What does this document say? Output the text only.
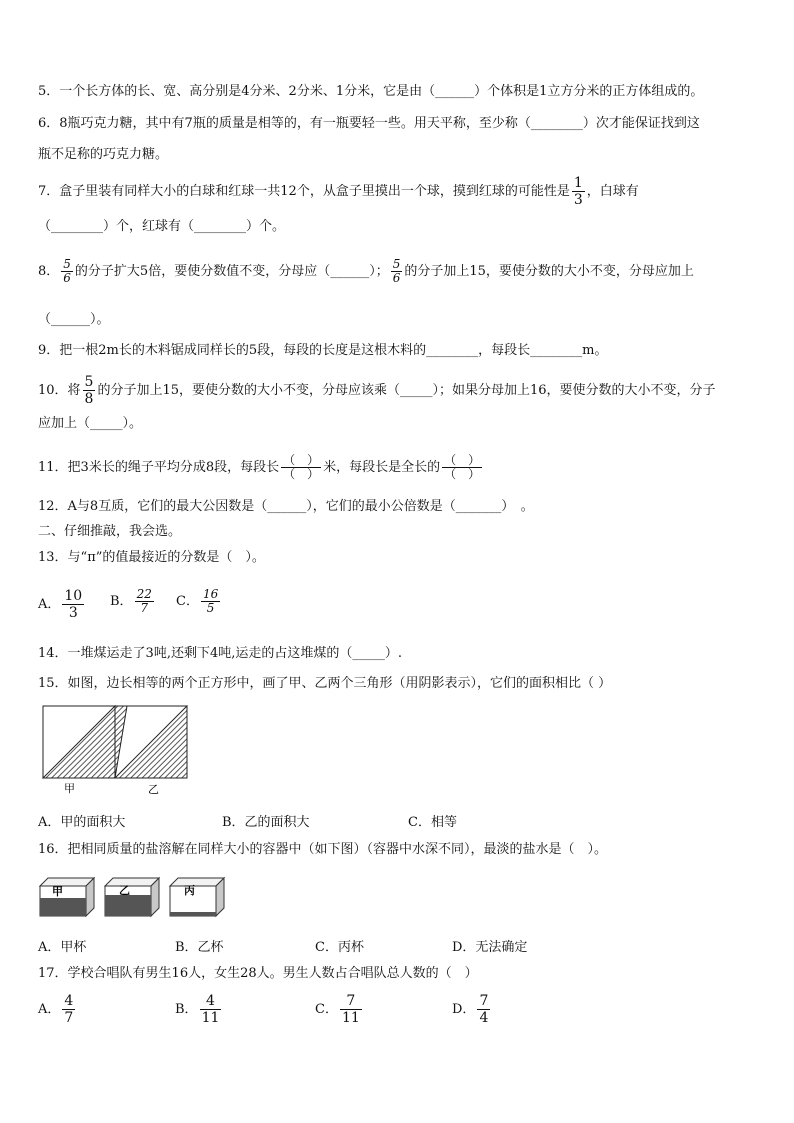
5．一个长方体的长、宽、高分别是4分米、2分米、1分米，它是由（______）个体积是1立方分米的正方体组成的。
6．8瓶巧克力糖，其中有7瓶的质量是相等的，有一瓶要轻一些。用天平称，至少称（________）次才能保证找到这
瓶不足称的巧克力糖。
7．盒子里装有同样大小的白球和红球一共12个，从盒子里摸出一个球，摸到红球的可能性是 $\frac{1}{3}$ ，白球有
（________）个，红球有（________）个。
8． $\frac{5}{6}$ 的分子扩大5倍，要使分数值不变，分母应（______）； $\frac{5}{6}$ 的分子加上15，要使分数的大小不变，分母应加上
（______）。
9．把一根2m长的木料锯成同样长的5段，每段的长度是这根木料的________，每段长________m。
10．将 $\frac{5}{8}$ 的分子加上15，要使分数的大小不变，分母应该乘（_____）；如果分母加上16，要使分数的大小不变，分子
应加上（_____）。
11．把3米长的绳子平均分成8段，每段长 $\frac{( )}{( )}$ 米，每段长是全长的 $\frac{( )}{( )}$
12．A与8互质，它们的最大公因数是（______），它们的最小公倍数是（_______）　。
二、仔细推敲，我会选。
13．与“π”的值最接近的分数是（　）。
A． $\frac{10}{3}$ B． $\frac{22}{7}$ C． $\frac{16}{5}$
14．一堆煤运走了3吨,还剩下4吨,运走的占这堆煤的（_____）.
15．如图，边长相等的两个正方形中，画了甲、乙两个三角形（用阴影表示），它们的面积相比（ ）
甲	乙
A．甲的面积大	B．乙的面积大	C．相等
16．把相同质量的盐溶解在同样大小的容器中（如下图）（容器中水深不同），最淡的盐水是（　）。
甲	乙	丙
A．甲杯	B．乙杯	C．丙杯	D．无法确定
17．学校合唱队有男生16人，女生28人。男生人数占合唱队总人数的（　）
A． $\frac{4}{7}$	B． $\frac{4}{11}$	C． $\frac{7}{11}$	D． $\frac{7}{4}$
